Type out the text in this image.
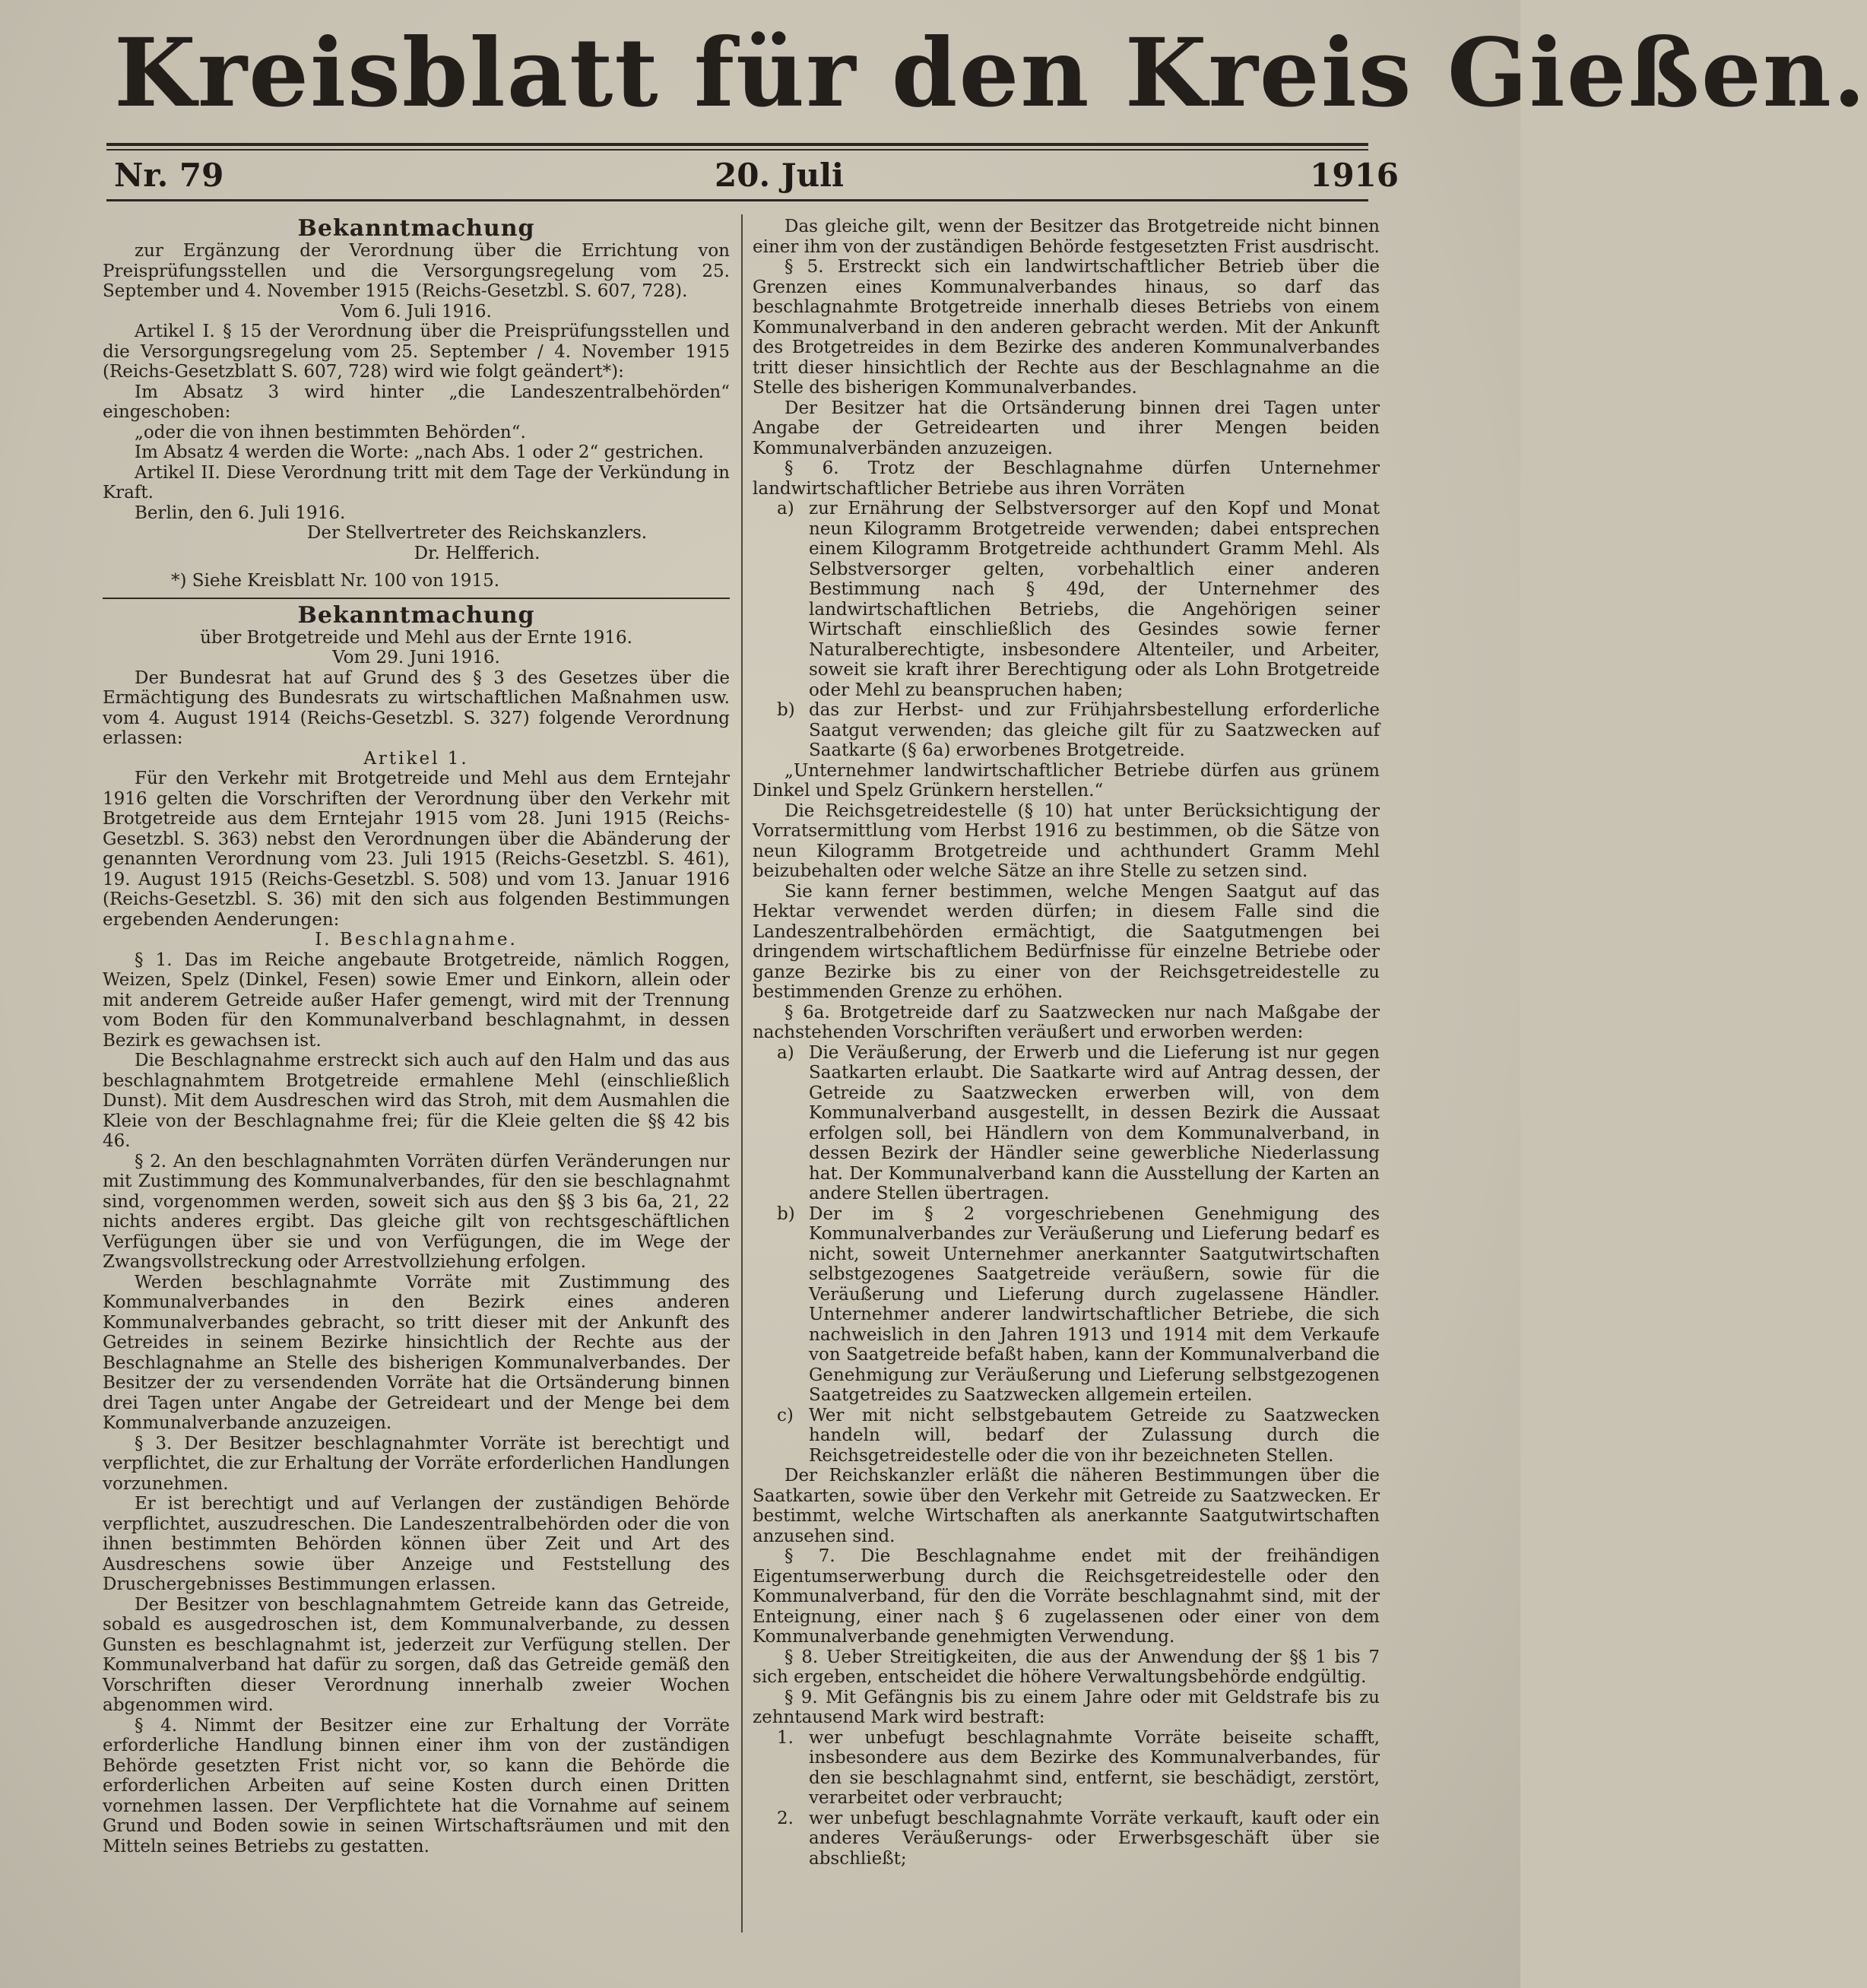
Kreisblatt für den Kreis Gießen.
Nr. 79	20. Juli	1916

Bekanntmachung

zur Ergänzung der Verordnung über die Errichtung von Preisprüfungsstellen und die Versorgungsregelung vom 25. September und 4. November 1915 (Reichs-Gesetzbl. S. 607, 728).

Vom 6. Juli 1916.

Artikel I. § 15 der Verordnung über die Preisprüfungsstellen und die Versorgungsregelung vom 25. September / 4. November 1915 (Reichs-Gesetzblatt S. 607, 728) wird wie folgt geändert*):

Im Absatz 3 wird hinter „die Landeszentralbehörden“ eingeschoben:

„oder die von ihnen bestimmten Behörden“.

Im Absatz 4 werden die Worte: „nach Abs. 1 oder 2“ gestrichen.

Artikel II. Diese Verordnung tritt mit dem Tage der Verkündung in Kraft.

Berlin, den 6. Juli 1916.

Der Stellvertreter des Reichskanzlers.

Dr. Helfferich.

*) Siehe Kreisblatt Nr. 100 von 1915.

Bekanntmachung

über Brotgetreide und Mehl aus der Ernte 1916.

Vom 29. Juni 1916.

Der Bundesrat hat auf Grund des § 3 des Gesetzes über die Ermächtigung des Bundesrats zu wirtschaftlichen Maßnahmen usw. vom 4. August 1914 (Reichs-Gesetzbl. S. 327) folgende Verordnung erlassen:

Artikel 1.

Für den Verkehr mit Brotgetreide und Mehl aus dem Erntejahr 1916 gelten die Vorschriften der Verordnung über den Verkehr mit Brotgetreide aus dem Erntejahr 1915 vom 28. Juni 1915 (Reichs-Gesetzbl. S. 363) nebst den Verordnungen über die Abänderung der genannten Verordnung vom 23. Juli 1915 (Reichs-Gesetzbl. S. 461), 19. August 1915 (Reichs-Gesetzbl. S. 508) und vom 13. Januar 1916 (Reichs-Gesetzbl. S. 36) mit den sich aus folgenden Bestimmungen ergebenden Aenderungen:

I. Beschlagnahme.

§ 1. Das im Reiche angebaute Brotgetreide, nämlich Roggen, Weizen, Spelz (Dinkel, Fesen) sowie Emer und Einkorn, allein oder mit anderem Getreide außer Hafer gemengt, wird mit der Trennung vom Boden für den Kommunalverband beschlagnahmt, in dessen Bezirk es gewachsen ist.

Die Beschlagnahme erstreckt sich auch auf den Halm und das aus beschlagnahmtem Brotgetreide ermahlene Mehl (einschließlich Dunst). Mit dem Ausdreschen wird das Stroh, mit dem Ausmahlen die Kleie von der Beschlagnahme frei; für die Kleie gelten die §§ 42 bis 46.

§ 2. An den beschlagnahmten Vorräten dürfen Veränderungen nur mit Zustimmung des Kommunalverbandes, für den sie beschlagnahmt sind, vorgenommen werden, soweit sich aus den §§ 3 bis 6a, 21, 22 nichts anderes ergibt. Das gleiche gilt von rechtsgeschäftlichen Verfügungen über sie und von Verfügungen, die im Wege der Zwangsvollstreckung oder Arrestvollziehung erfolgen.

Werden beschlagnahmte Vorräte mit Zustimmung des Kommunalverbandes in den Bezirk eines anderen Kommunalverbandes gebracht, so tritt dieser mit der Ankunft des Getreides in seinem Bezirke hinsichtlich der Rechte aus der Beschlagnahme an Stelle des bisherigen Kommunalverbandes. Der Besitzer der zu versendenden Vorräte hat die Ortsänderung binnen drei Tagen unter Angabe der Getreideart und der Menge bei dem Kommunalverbande anzuzeigen.

§ 3. Der Besitzer beschlagnahmter Vorräte ist berechtigt und verpflichtet, die zur Erhaltung der Vorräte erforderlichen Handlungen vorzunehmen.

Er ist berechtigt und auf Verlangen der zuständigen Behörde verpflichtet, auszudreschen. Die Landeszentralbehörden oder die von ihnen bestimmten Behörden können über Zeit und Art des Ausdreschens sowie über Anzeige und Feststellung des Druschergebnisses Bestimmungen erlassen.

Der Besitzer von beschlagnahmtem Getreide kann das Getreide, sobald es ausgedroschen ist, dem Kommunalverbande, zu dessen Gunsten es beschlagnahmt ist, jederzeit zur Verfügung stellen. Der Kommunalverband hat dafür zu sorgen, daß das Getreide gemäß den Vorschriften dieser Verordnung innerhalb zweier Wochen abgenommen wird.

§ 4. Nimmt der Besitzer eine zur Erhaltung der Vorräte erforderliche Handlung binnen einer ihm von der zuständigen Behörde gesetzten Frist nicht vor, so kann die Behörde die erforderlichen Arbeiten auf seine Kosten durch einen Dritten vornehmen lassen. Der Verpflichtete hat die Vornahme auf seinem Grund und Boden sowie in seinen Wirtschaftsräumen und mit den Mitteln seines Betriebs zu gestatten.

Das gleiche gilt, wenn der Besitzer das Brotgetreide nicht binnen einer ihm von der zuständigen Behörde festgesetzten Frist ausdrischt.

§ 5. Erstreckt sich ein landwirtschaftlicher Betrieb über die Grenzen eines Kommunalverbandes hinaus, so darf das beschlagnahmte Brotgetreide innerhalb dieses Betriebs von einem Kommunalverband in den anderen gebracht werden. Mit der Ankunft des Brotgetreides in dem Bezirke des anderen Kommunalverbandes tritt dieser hinsichtlich der Rechte aus der Beschlagnahme an die Stelle des bisherigen Kommunalverbandes.

Der Besitzer hat die Ortsänderung binnen drei Tagen unter Angabe der Getreidearten und ihrer Mengen beiden Kommunalverbänden anzuzeigen.

§ 6. Trotz der Beschlagnahme dürfen Unternehmer landwirtschaftlicher Betriebe aus ihren Vorräten

a) zur Ernährung der Selbstversorger auf den Kopf und Monat neun Kilogramm Brotgetreide verwenden; dabei entsprechen einem Kilogramm Brotgetreide achthundert Gramm Mehl. Als Selbstversorger gelten, vorbehaltlich einer anderen Bestimmung nach § 49d, der Unternehmer des landwirtschaftlichen Betriebs, die Angehörigen seiner Wirtschaft einschließlich des Gesindes sowie ferner Naturalberechtigte, insbesondere Altenteiler, und Arbeiter, soweit sie kraft ihrer Berechtigung oder als Lohn Brotgetreide oder Mehl zu beanspruchen haben;
b) das zur Herbst- und zur Frühjahrsbestellung erforderliche Saatgut verwenden; das gleiche gilt für zu Saatzwecken auf Saatkarte (§ 6a) erworbenes Brotgetreide.

„Unternehmer landwirtschaftlicher Betriebe dürfen aus grünem Dinkel und Spelz Grünkern herstellen.“

Die Reichsgetreidestelle (§ 10) hat unter Berücksichtigung der Vorratsermittlung vom Herbst 1916 zu bestimmen, ob die Sätze von neun Kilogramm Brotgetreide und achthundert Gramm Mehl beizubehalten oder welche Sätze an ihre Stelle zu setzen sind.

Sie kann ferner bestimmen, welche Mengen Saatgut auf das Hektar verwendet werden dürfen; in diesem Falle sind die Landeszentralbehörden ermächtigt, die Saatgutmengen bei dringendem wirtschaftlichem Bedürfnisse für einzelne Betriebe oder ganze Bezirke bis zu einer von der Reichsgetreidestelle zu bestimmenden Grenze zu erhöhen.

§ 6a. Brotgetreide darf zu Saatzwecken nur nach Maßgabe der nachstehenden Vorschriften veräußert und erworben werden:

a) Die Veräußerung, der Erwerb und die Lieferung ist nur gegen Saatkarten erlaubt. Die Saatkarte wird auf Antrag dessen, der Getreide zu Saatzwecken erwerben will, von dem Kommunalverband ausgestellt, in dessen Bezirk die Aussaat erfolgen soll, bei Händlern von dem Kommunalverband, in dessen Bezirk der Händler seine gewerbliche Niederlassung hat. Der Kommunalverband kann die Ausstellung der Karten an andere Stellen übertragen.
b) Der im § 2 vorgeschriebenen Genehmigung des Kommunalverbandes zur Veräußerung und Lieferung bedarf es nicht, soweit Unternehmer anerkannter Saatgutwirtschaften selbstgezogenes Saatgetreide veräußern, sowie für die Veräußerung und Lieferung durch zugelassene Händler. Unternehmer anderer landwirtschaftlicher Betriebe, die sich nachweislich in den Jahren 1913 und 1914 mit dem Verkaufe von Saatgetreide befaßt haben, kann der Kommunalverband die Genehmigung zur Veräußerung und Lieferung selbstgezogenen Saatgetreides zu Saatzwecken allgemein erteilen.
c) Wer mit nicht selbstgebautem Getreide zu Saatzwecken handeln will, bedarf der Zulassung durch die Reichsgetreidestelle oder die von ihr bezeichneten Stellen.

Der Reichskanzler erläßt die näheren Bestimmungen über die Saatkarten, sowie über den Verkehr mit Getreide zu Saatzwecken. Er bestimmt, welche Wirtschaften als anerkannte Saatgutwirtschaften anzusehen sind.

§ 7. Die Beschlagnahme endet mit der freihändigen Eigentumserwerbung durch die Reichsgetreidestelle oder den Kommunalverband, für den die Vorräte beschlagnahmt sind, mit der Enteignung, einer nach § 6 zugelassenen oder einer von dem Kommunalverbande genehmigten Verwendung.

§ 8. Ueber Streitigkeiten, die aus der Anwendung der §§ 1 bis 7 sich ergeben, entscheidet die höhere Verwaltungsbehörde endgültig.

§ 9. Mit Gefängnis bis zu einem Jahre oder mit Geldstrafe bis zu zehntausend Mark wird bestraft:

1. wer unbefugt beschlagnahmte Vorräte beiseite schafft, insbesondere aus dem Bezirke des Kommunalverbandes, für den sie beschlagnahmt sind, entfernt, sie beschädigt, zerstört, verarbeitet oder verbraucht;
2. wer unbefugt beschlagnahmte Vorräte verkauft, kauft oder ein anderes Veräußerungs- oder Erwerbsgeschäft über sie abschließt;
